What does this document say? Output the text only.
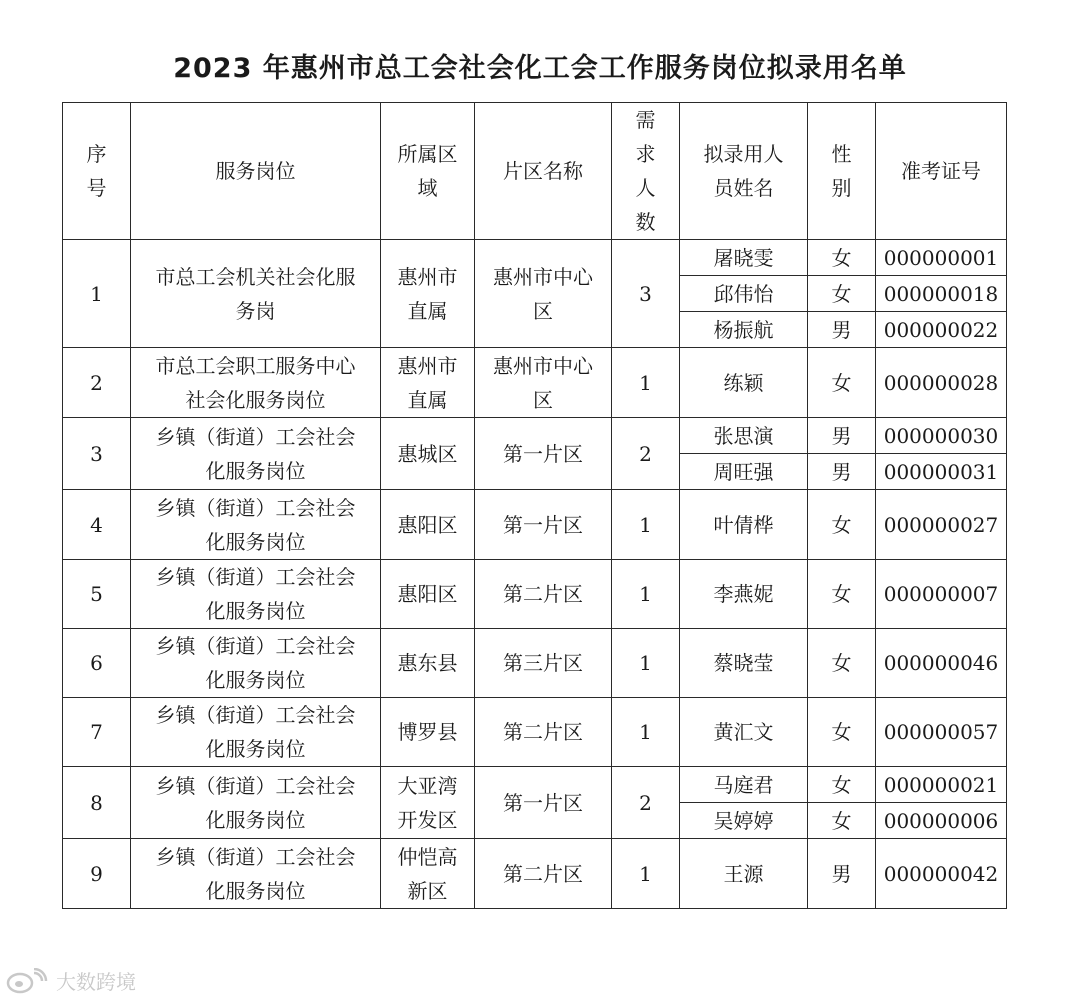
2023 年惠州市总工会社会化工会工作服务岗位拟录用名单
序号	服务岗位	所属区域	片区名称	需求人数	拟录用人员姓名	性别	准考证号
1	市总工会机关社会化服务岗	惠州市直属	惠州市中心区	3	屠晓雯	女	000000001
					邱伟怡	女	000000018
					杨振航	男	000000022
2	市总工会职工服务中心社会化服务岗位	惠州市直属	惠州市中心区	1	练颖	女	000000028
3	乡镇（街道）工会社会化服务岗位	惠城区	第一片区	2	张思演	男	000000030
					周旺强	男	000000031
4	乡镇（街道）工会社会化服务岗位	惠阳区	第一片区	1	叶倩桦	女	000000027
5	乡镇（街道）工会社会化服务岗位	惠阳区	第二片区	1	李燕妮	女	000000007
6	乡镇（街道）工会社会化服务岗位	惠东县	第三片区	1	蔡晓莹	女	000000046
7	乡镇（街道）工会社会化服务岗位	博罗县	第二片区	1	黄汇文	女	000000057
8	乡镇（街道）工会社会化服务岗位	大亚湾开发区	第一片区	2	马庭君	女	000000021
					吴婷婷	女	000000006
9	乡镇（街道）工会社会化服务岗位	仲恺高新区	第二片区	1	王源	男	000000042
大数跨境
